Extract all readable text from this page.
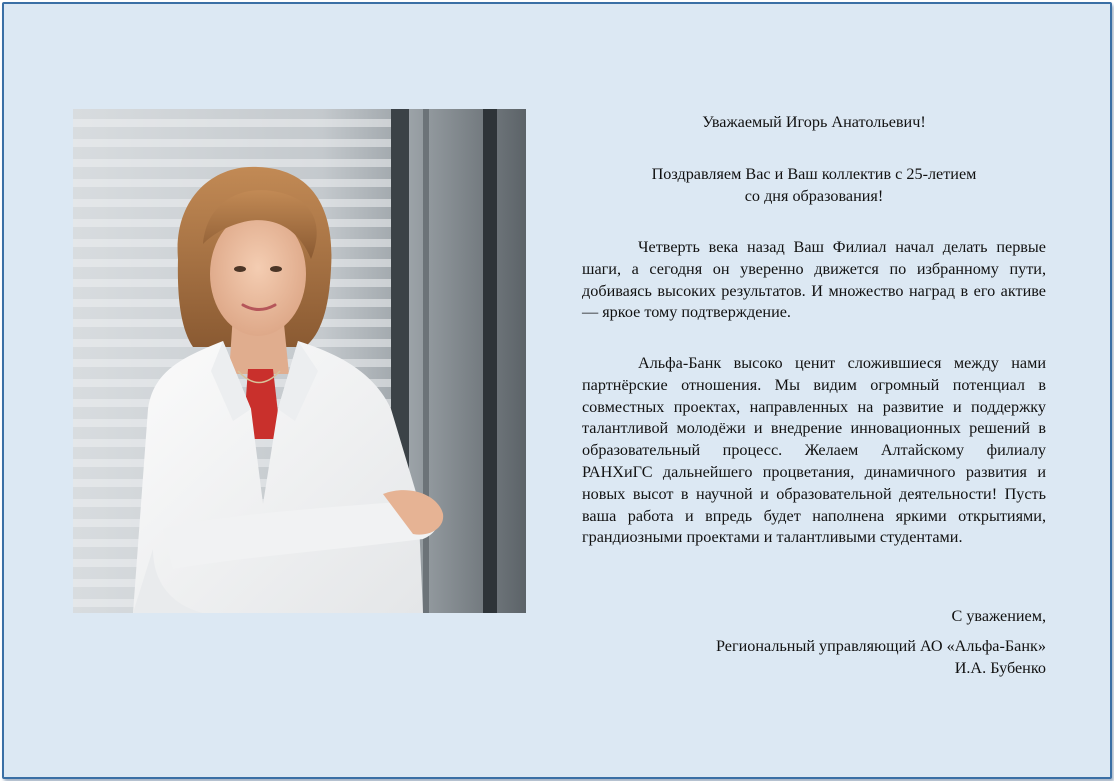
Уважаемый Игорь Анатольевич!
Поздравляем Вас и Ваш коллектив с 25-летием
со дня образования!

Четверть века назад Ваш Филиал начал делать первые шаги, а сегодня он уверенно движется по избранному пути, добиваясь высоких результатов. И множество наград в его активе — яркое тому подтверждение.

Альфа-Банк высоко ценит сложившиеся между нами партнёрские отношения. Мы видим огромный потенциал в совместных проектах, направленных на развитие и поддержку талантливой молодёжи и внедрение инновационных решений в образовательный процесс. Желаем Алтайскому филиалу РАНХиГС дальнейшего процветания, динамичного развития и новых высот в научной и образовательной деятельности! Пусть ваша работа и впредь будет наполнена яркими открытиями, грандиозными проектами и талантливыми студентами.

С уважением,
Региональный управляющий АО «Альфа-Банк»
И.А. Бубенко
